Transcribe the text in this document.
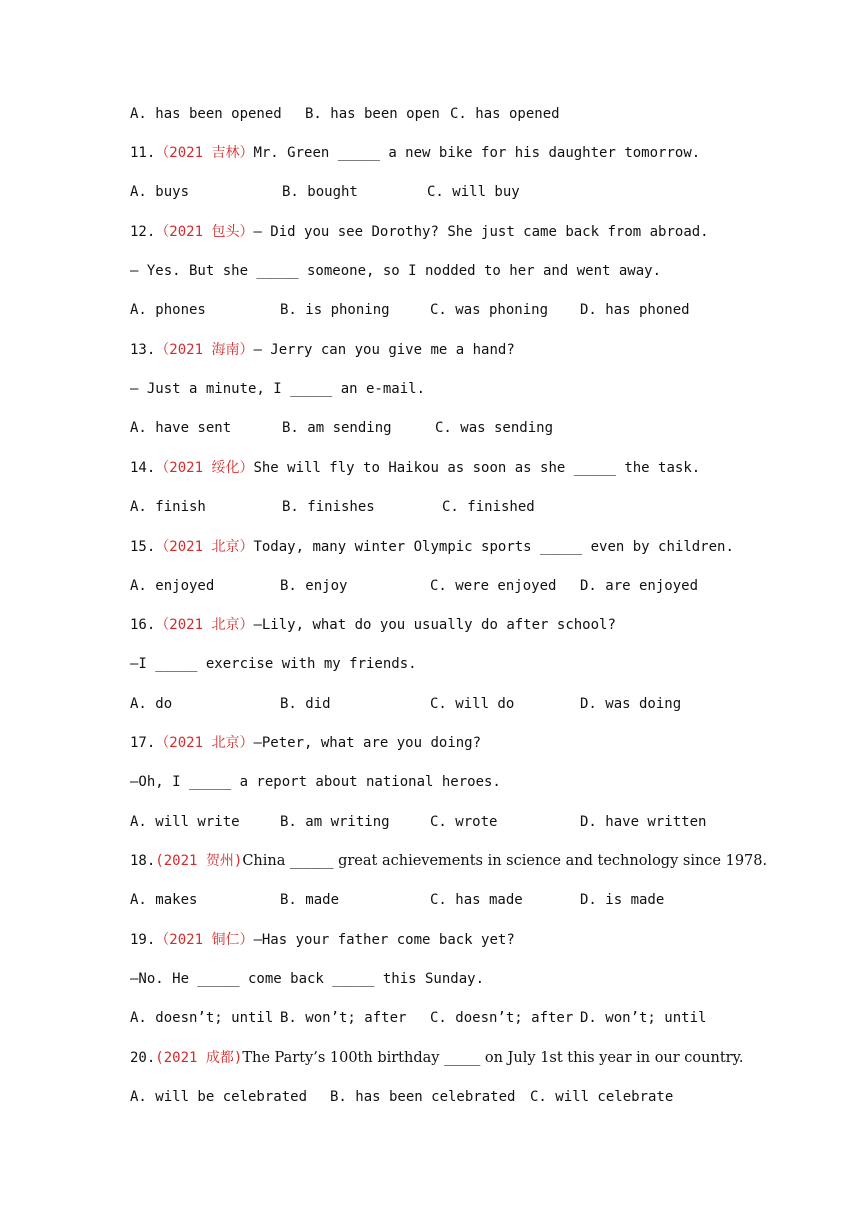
A. has been opened B. has been open C. has opened
11.（2021 吉林）Mr. Green _____ a new bike for his daughter tomorrow.
A. buys	B. bought	C. will buy
12.（2021 包头）— Did you see Dorothy? She just came back from abroad.
— Yes. But she _____ someone, so I nodded to her and went away.
A. phones	B. is phoning	C. was phoning D. has phoned
13.（2021 海南）— Jerry can you give me a hand?
— Just a minute, I _____ an e-mail.
A. have sent	B. am sending	C. was sending
14.（2021 绥化）She will fly to Haikou as soon as she _____ the task.
A. finish	B. finishes	C. finished
15.（2021 北京）Today, many winter Olympic sports _____ even by children.
A. enjoyed	B. enjoy	C. were enjoyed D. are enjoyed
16.（2021 北京）—Lily, what do you usually do after school?
—I _____ exercise with my friends.
A. do	B. did	C. will do	D. was doing
17.（2021 北京）—Peter, what are you doing?
—Oh, I _____ a report about national heroes.
A. will write	B. am writing	C. wrote	D. have written
18.(2021 贺州)China ______ great achievements in science and technology since 1978.
A. makes	B. made	C. has made	D. is made
19.（2021 铜仁）—Has your father come back yet?
—No. He _____ come back _____ this Sunday.
A. doesn’t; until B. won’t; after C. doesn’t; after D. won’t; until
20.(2021 成都)The Party’s 100th birthday _____ on July 1st this year in our country.
A. will be celebrated B. has been celebrated C. will celebrate
